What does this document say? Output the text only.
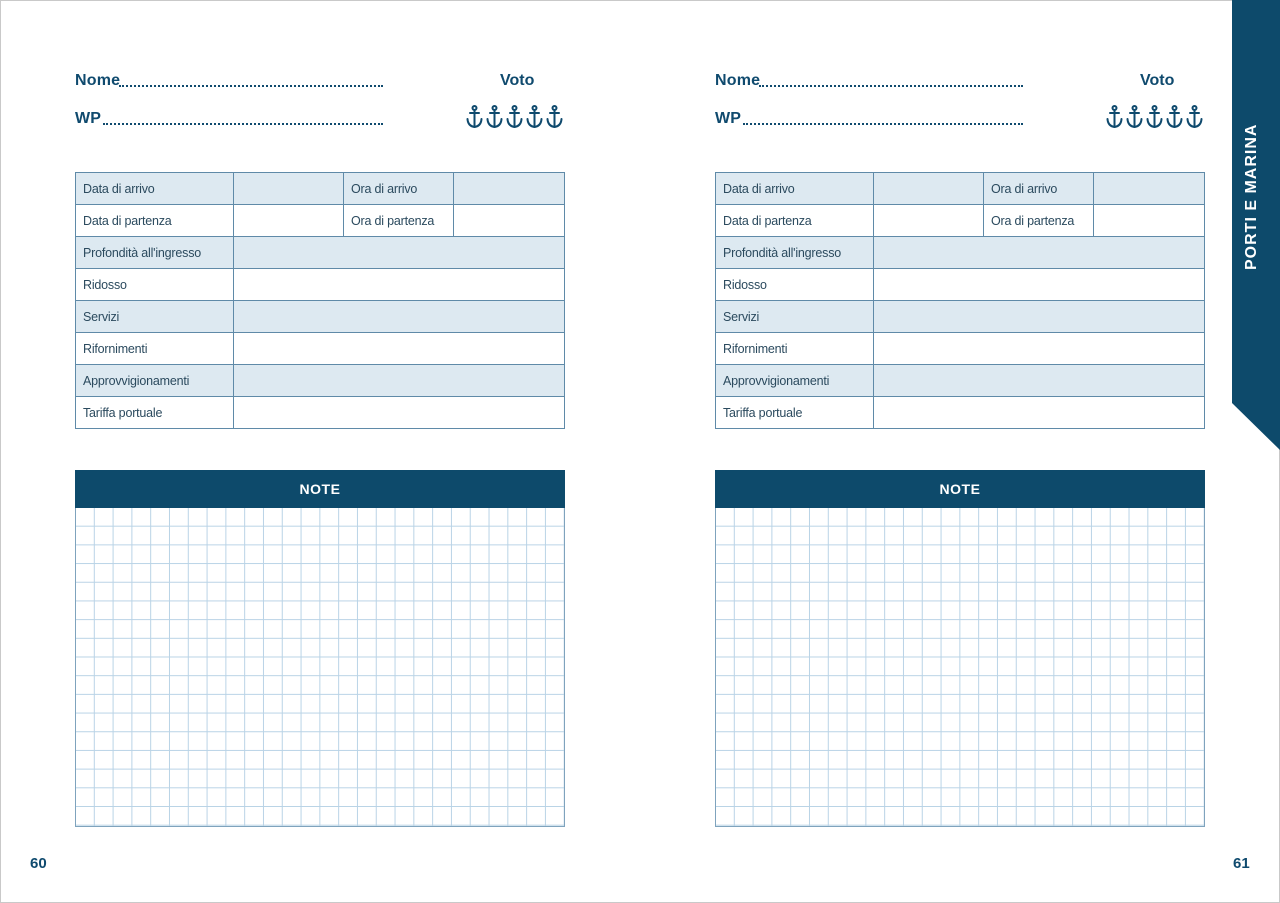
Nome
WP
Voto
Data di arrivo		Ora di arrivo	
Data di partenza		Ora di partenza	
Profondità all'ingresso			
Ridosso			
Servizi			
Rifornimenti			
Approvvigionamenti			
Tariffa portuale			
NOTE
60
Nome
WP
Voto
Data di arrivo		Ora di arrivo	
Data di partenza		Ora di partenza	
Profondità all'ingresso			
Ridosso			
Servizi			
Rifornimenti			
Approvvigionamenti			
Tariffa portuale			
NOTE
61
PORTI E MARINA
